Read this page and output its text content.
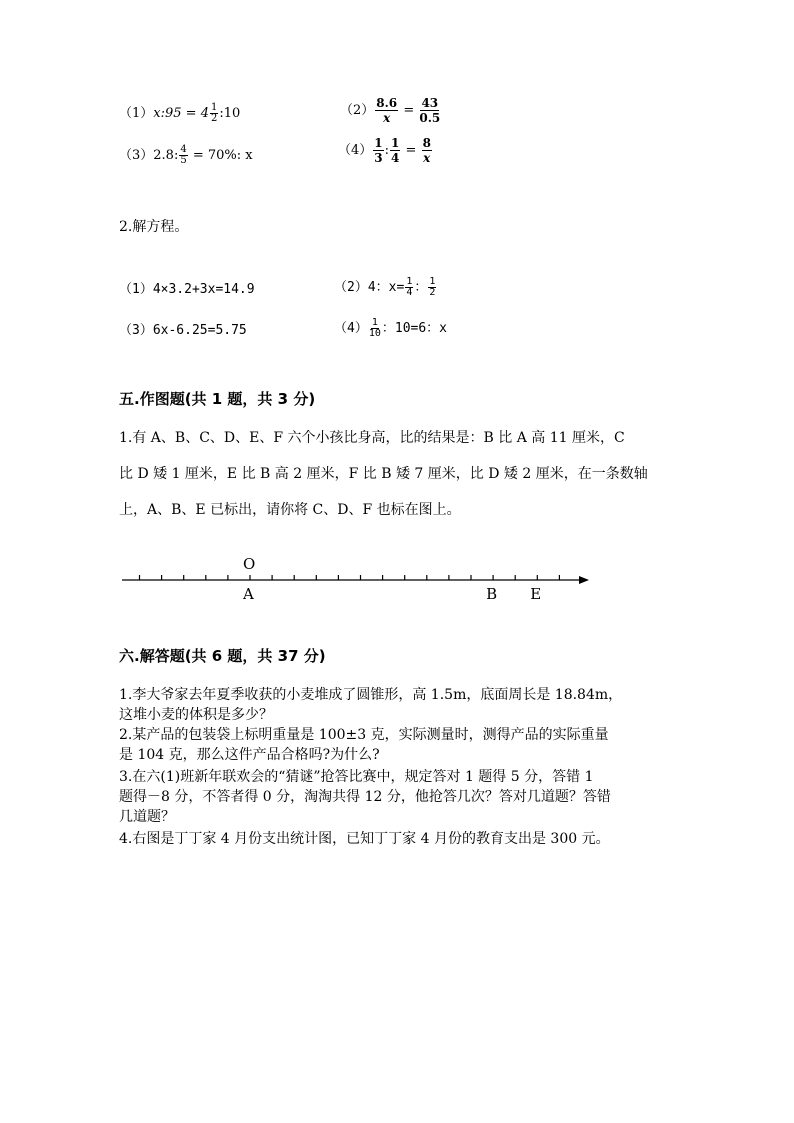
（1）x:95 = $4 \frac{1}{2}$ :10	$(2) \frac{8.6}{x} = \frac{43}{0.5}$
（3）2.8: $\frac{4}{5} = 70\%$: x	$(4) \frac{1}{3}$ : $\frac{1}{4} = \frac{8}{x}$
2.解方程。
（1）4×3.2+3x=14.9	（2）4：$x= \frac{1}{4}$ ： $\frac{1}{2}$
（3）6x-6.25=5.75	$(4) \frac{1}{10}$ ：10=6：x
五.作图题(共 1 题，共 3 分)
1.有 A、B、C、D、E、F 六个小孩比身高，比的结果是：B 比 A 高 11 厘米，C
比 D 矮 1 厘米，E 比 B 高 2 厘米，F 比 B 矮 7 厘米，比 D 矮 2 厘米，在一条数轴
上，A、B、E 已标出，请你将 C、D、F 也标在图上。
O
A	B E
六.解答题(共 6 题，共 37 分)
1.李大爷家去年夏季收获的小麦堆成了圆锥形，高 1.5m，底面周长是 18.84m，
这堆小麦的体积是多少？
2.某产品的包装袋上标明重量是 100±3 克，实际测量时，测得产品的实际重量
是 104 克，那么这件产品合格吗?为什么?
3.在六(1)班新年联欢会的“猜谜”抢答比赛中，规定答对 1 题得 5 分，答错 1
题得－8 分，不答者得 0 分，淘淘共得 12 分，他抢答几次？答对几道题？答错
几道题？
4.右图是丁丁家 4 月份支出统计图，已知丁丁家 4 月份的教育支出是 300 元。
